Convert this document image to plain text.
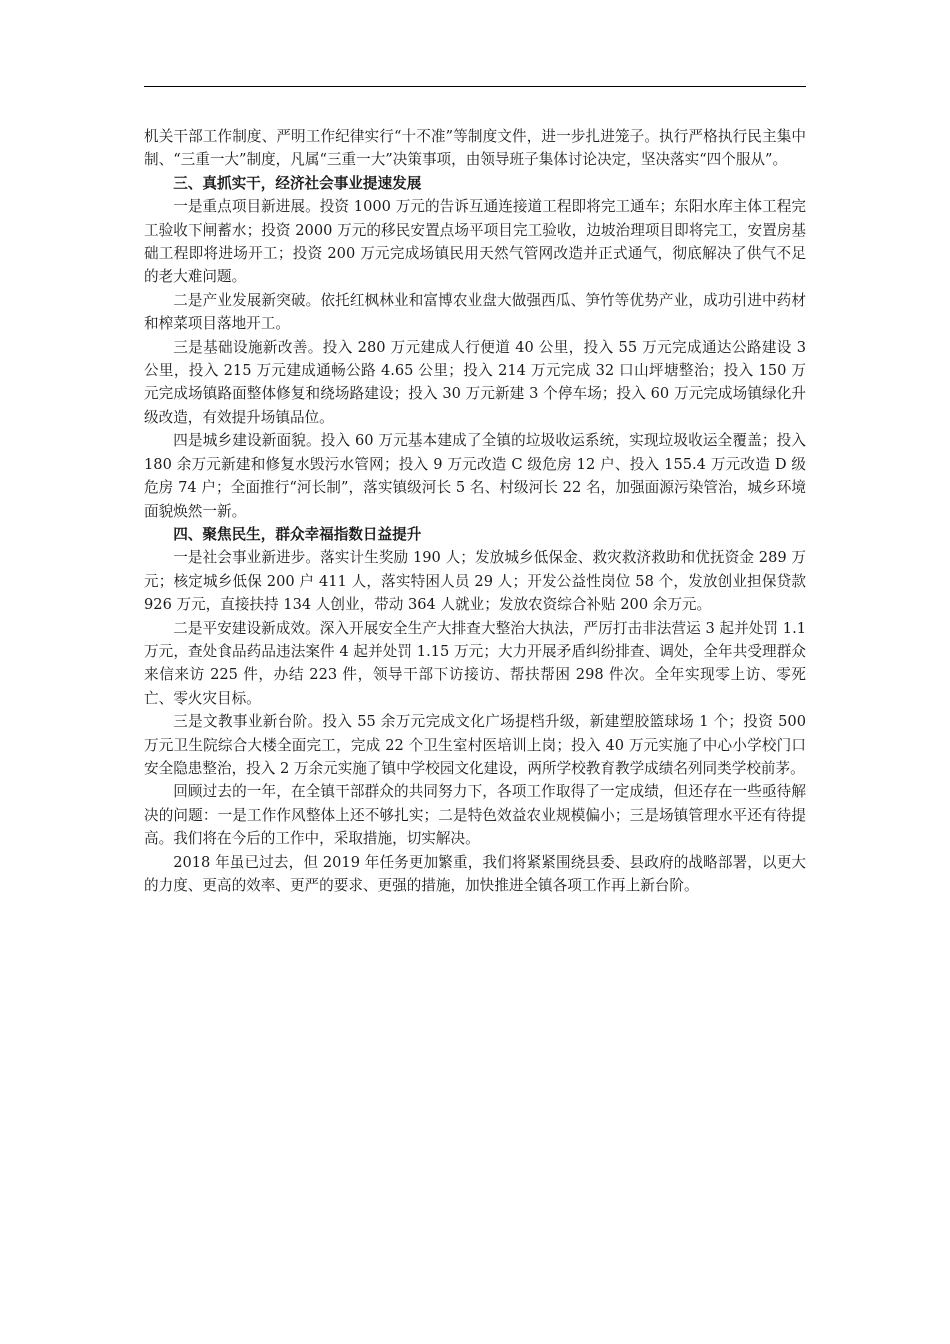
机关干部工作制度、严明工作纪律实行“十不准”等制度文件，进一步扎进笼子。执行严格执行民主集中制、“三重一大”制度，凡属“三重一大”决策事项，由领导班子集体讨论决定，坚决落实“四个服从”。

三、真抓实干，经济社会事业提速发展

一是重点项目新进展。投资 1000 万元的告诉互通连接道工程即将完工通车；东阳水库主体工程完工验收下闸蓄水；投资 2000 万元的移民安置点场平项目完工验收，边坡治理项目即将完工，安置房基础工程即将进场开工；投资 200 万元完成场镇民用天然气管网改造并正式通气，彻底解决了供气不足的老大难问题。

二是产业发展新突破。依托红枫林业和富博农业盘大做强西瓜、笋竹等优势产业，成功引进中药材和榨菜项目落地开工。

三是基础设施新改善。投入 280 万元建成人行便道 40 公里，投入 55 万元完成通达公路建设 3 公里，投入 215 万元建成通畅公路 4.65 公里；投入 214 万元完成 32 口山坪塘整治；投入 150 万元完成场镇路面整体修复和绕场路建设；投入 30 万元新建 3 个停车场；投入 60 万元完成场镇绿化升级改造，有效提升场镇品位。

四是城乡建设新面貌。投入 60 万元基本建成了全镇的垃圾收运系统，实现垃圾收运全覆盖；投入 180 余万元新建和修复水毁污水管网；投入 9 万元改造 C 级危房 12 户、投入 155.4 万元改造 D 级危房 74 户；全面推行“河长制”，落实镇级河长 5 名、村级河长 22 名，加强面源污染管治，城乡环境面貌焕然一新。

四、聚焦民生，群众幸福指数日益提升

一是社会事业新进步。落实计生奖励 190 人；发放城乡低保金、救灾救济救助和优抚资金 289 万元；核定城乡低保 200 户 411 人，落实特困人员 29 人；开发公益性岗位 58 个，发放创业担保贷款 926 万元，直接扶持 134 人创业，带动 364 人就业；发放农资综合补贴 200 余万元。

二是平安建设新成效。深入开展安全生产大排查大整治大执法，严厉打击非法营运 3 起并处罚 1.1 万元，查处食品药品违法案件 4 起并处罚 1.15 万元；大力开展矛盾纠纷排查、调处，全年共受理群众来信来访 225 件，办结 223 件，领导干部下访接访、帮扶帮困 298 件次。全年实现零上访、零死亡、零火灾目标。

三是文教事业新台阶。投入 55 余万元完成文化广场提档升级，新建塑胶篮球场 1 个；投资 500 万元卫生院综合大楼全面完工，完成 22 个卫生室村医培训上岗；投入 40 万元实施了中心小学校门口安全隐患整治，投入 2 万余元实施了镇中学校园文化建设，两所学校教育教学成绩名列同类学校前茅。

回顾过去的一年，在全镇干部群众的共同努力下，各项工作取得了一定成绩，但还存在一些亟待解决的问题：一是工作作风整体上还不够扎实；二是特色效益农业规模偏小；三是场镇管理水平还有待提高。我们将在今后的工作中，采取措施，切实解决。

2018 年虽已过去，但 2019 年任务更加繁重，我们将紧紧围绕县委、县政府的战略部署，以更大的力度、更高的效率、更严的要求、更强的措施，加快推进全镇各项工作再上新台阶。
